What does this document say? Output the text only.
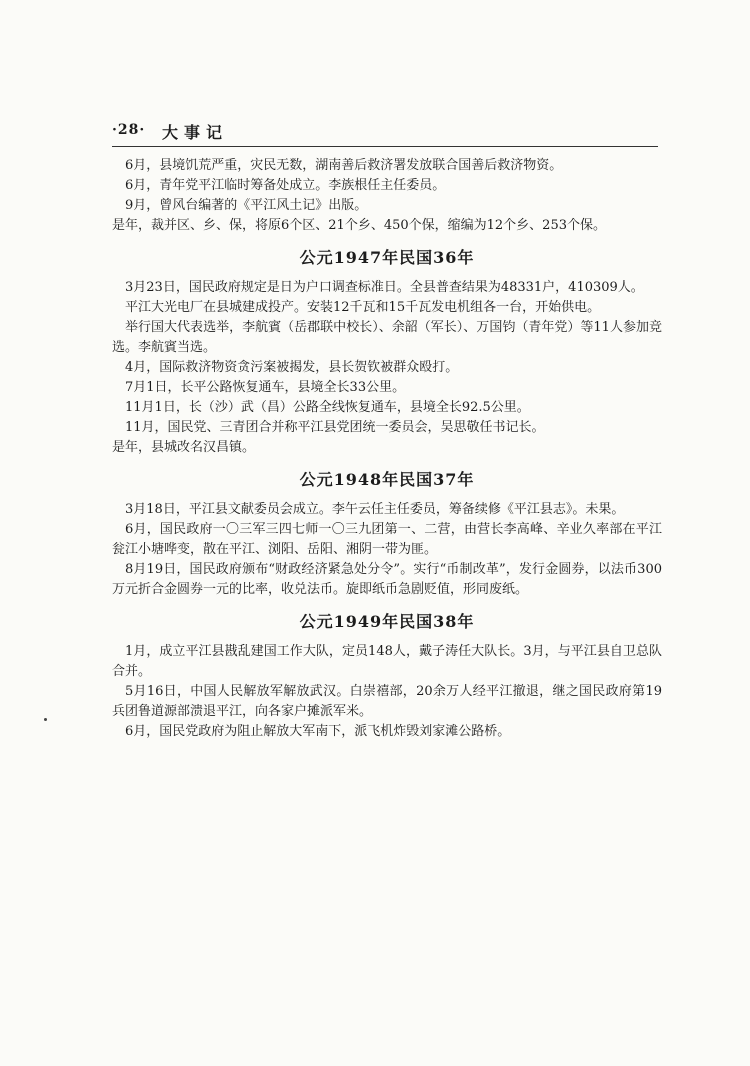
·28· 大事记

6月，县境饥荒严重，灾民无数，湖南善后救济署发放联合国善后救济物资。

6月，青年党平江临时筹备处成立。李族根任主任委员。

9月，曾风台编著的《平江风土记》出版。

是年，裁并区、乡、保，将原6个区、21个乡、450个保，缩编为12个乡、253个保。

公元1947年民国36年

3月23日，国民政府规定是日为户口调查标准日。全县普查结果为48331户，410309人。

平江大光电厂在县城建成投产。安装12千瓦和15千瓦发电机组各一台，开始供电。

举行国大代表选举，李航賓（岳郡联中校长）、余韶（军长）、万国钧（青年党）等11人参加竞选。李航賓当选。

4月，国际救济物资贪污案被揭发，县长贺钦被群众殴打。

7月1日，长平公路恢复通车，县境全长33公里。

11月1日，长（沙）武（昌）公路全线恢复通车，县境全长92.5公里。

11月，国民党、三青团合并称平江县党团统一委员会，吴思敬任书记长。

是年，县城改名汉昌镇。

公元1948年民国37年

3月18日，平江县文献委员会成立。李午云任主任委员，筹备续修《平江县志》。未果。

6月，国民政府一〇三军三四七师一〇三九团第一、二营，由营长李高峰、辛业久率部在平江瓮江小塘哗变，散在平江、浏阳、岳阳、湘阴一带为匪。

8月19日，国民政府颁布“财政经济紧急处分令”。实行“币制改革”，发行金圆券，以法币300万元折合金圆券一元的比率，收兑法币。旋即纸币急剧贬值，形同废纸。

公元1949年民国38年

1月，成立平江县戡乱建国工作大队，定员148人，戴子涛任大队长。3月，与平江县自卫总队合并。

5月16日，中国人民解放军解放武汉。白崇禧部，20余万人经平江撤退，继之国民政府第19兵团鲁道源部溃退平江，向各家户摊派军米。

6月，国民党政府为阻止解放大军南下，派飞机炸毁刘家滩公路桥。
